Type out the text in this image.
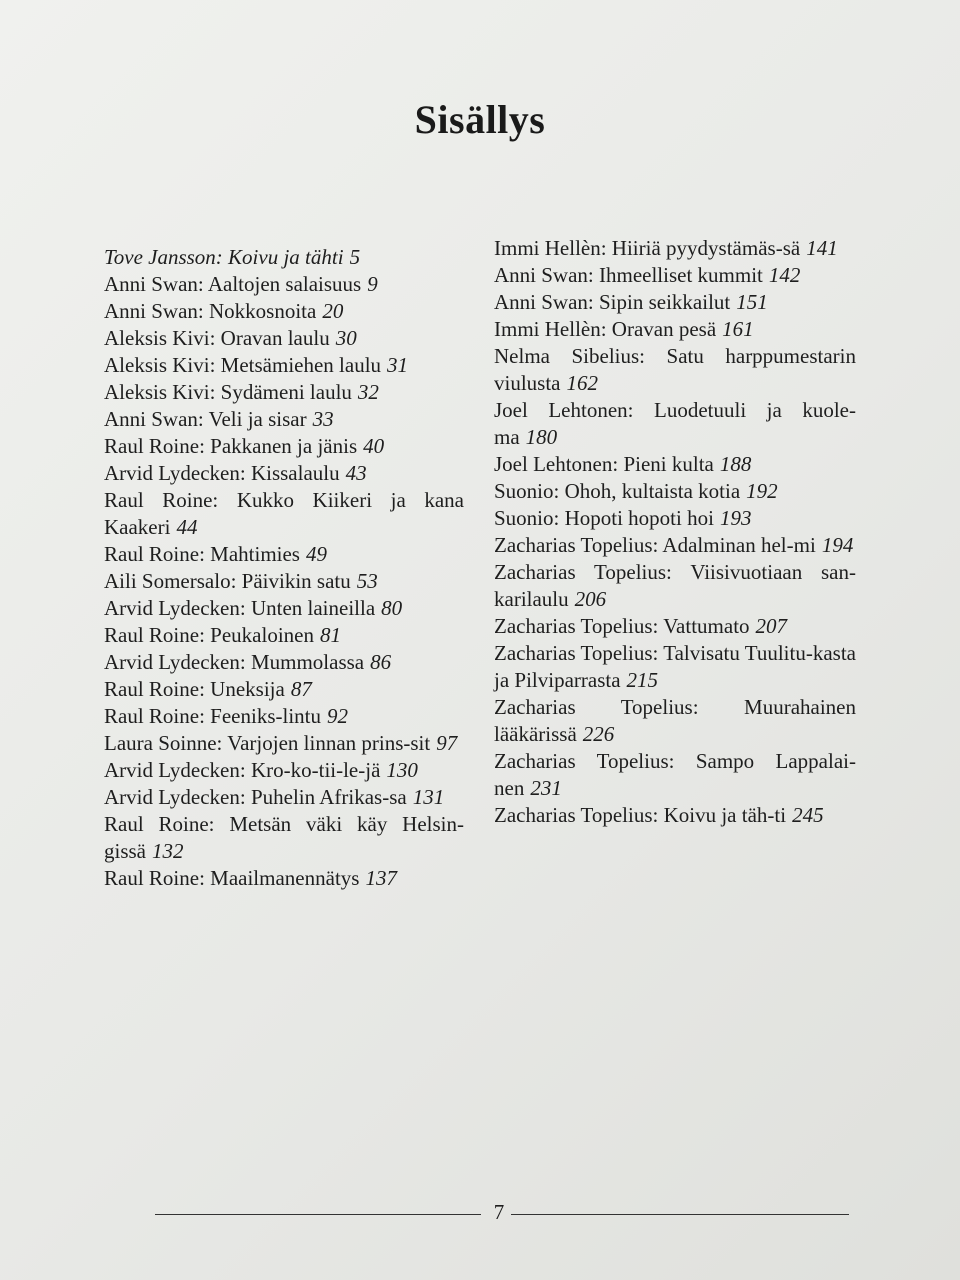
Sisällys

Tove Jansson: Koivu ja tähti 5

Anni Swan: Aaltojen salaisuus 9

Anni Swan: Nokkosnoita 20

Aleksis Kivi: Oravan laulu 30

Aleksis Kivi: Metsämiehen laulu 31

Aleksis Kivi: Sydämeni laulu 32

Anni Swan: Veli ja sisar 33

Raul Roine: Pakkanen ja jänis 40

Arvid Lydecken: Kissalaulu 43

Raul Roine: Kukko Kiikeri ja kana Kaakeri 44

Raul Roine: Mahtimies 49

Aili Somersalo: Päivikin satu 53

Arvid Lydecken: Unten laineilla 80

Raul Roine: Peukaloinen 81

Arvid Lydecken: Mummolassa 86

Raul Roine: Uneksija 87

Raul Roine: Feeniks-lintu 92

Laura Soinne: Varjojen linnan prins-sit 97

Arvid Lydecken: Kro-ko-tii-le-jä 130

Arvid Lydecken: Puhelin Afrikas-sa 131

Raul Roine: Metsän väki käy Helsin-gissä 132

Raul Roine: Maailmanennätys 137

Immi Hellèn: Hiiriä pyydystämäs-sä 141

Anni Swan: Ihmeelliset kummit 142

Anni Swan: Sipin seikkailut 151

Immi Hellèn: Oravan pesä 161

Nelma Sibelius: Satu harppumestarin viulusta 162

Joel Lehtonen: Luodetuuli ja kuole-ma 180

Joel Lehtonen: Pieni kulta 188

Suonio: Ohoh, kultaista kotia 192

Suonio: Hopoti hopoti hoi 193

Zacharias Topelius: Adalminan hel-mi 194

Zacharias Topelius: Viisivuotiaan san-karilaulu 206

Zacharias Topelius: Vattumato 207

Zacharias Topelius: Talvisatu Tuulitu-kasta ja Pilviparrasta 215

Zacharias Topelius: Muurahainen lääkärissä 226

Zacharias Topelius: Sampo Lappalai-nen 231

Zacharias Topelius: Koivu ja täh-ti 245

7
